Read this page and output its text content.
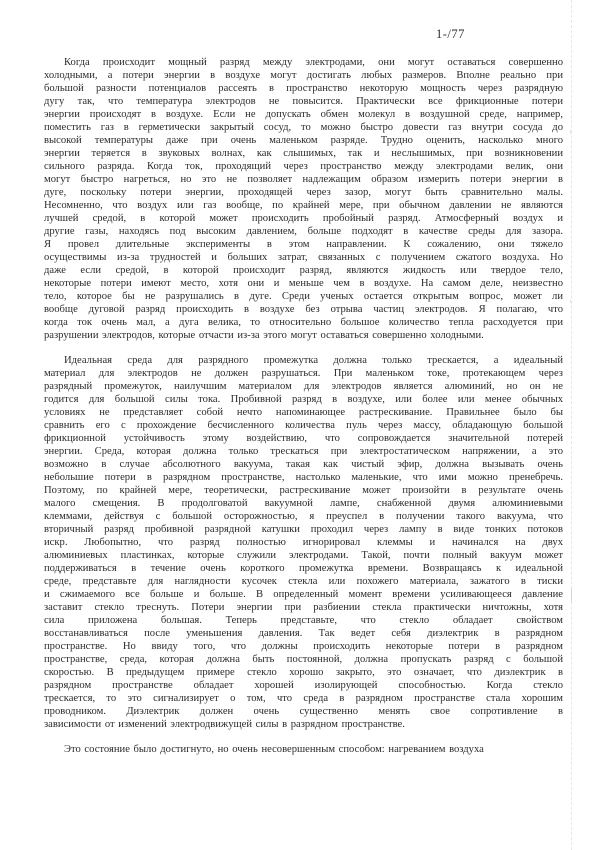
1-/77
Когда происходит мощный разряд между электродами, они могут оставаться совершенно
холодными, а потери энергии в воздухе могут достигать любых размеров. Вполне реально при
большой разности потенциалов рассеять в пространство некоторую мощность через разрядную
дугу так, что температура электродов не повысится. Практически все фрикционные потери
энергии происходят в воздухе. Если не допускать обмен молекул в воздушной среде, например,
поместить газ в герметически закрытый сосуд, то можно быстро довести газ внутри сосуда до
высокой температуры даже при очень маленьком разряде. Трудно оценить, насколько много
энергии теряется в звуковых волнах, как слышимых, так и неслышимых, при возникновении
сильного разряда. Когда ток, проходящий через пространство между электродами велик, они
могут быстро нагреться, но это не позволяет надлежащим образом измерить потери энергии в
дуге, поскольку потери энергии, проходящей через зазор, могут быть сравнительно малы.
Несомненно, что воздух или газ вообще, по крайней мере, при обычном давлении не являются
лучшей средой, в которой может происходить пробойный разряд. Атмосферный воздух и
другие газы, находясь под высоким давлением, больше подходят в качестве среды для зазора.
Я провел длительные эксперименты в этом направлении. К сожалению, они тяжело
осуществимы из-за трудностей и больших затрат, связанных с получением сжатого воздуха. Но
даже если средой, в которой происходит разряд, являются жидкость или твердое тело,
некоторые потери имеют место, хотя они и меньше чем в воздухе. На самом деле, неизвестно
тело, которое бы не разрушались в дуге. Среди ученых остается открытым вопрос, может ли
вообще дуговой разряд происходить в воздухе без отрыва частиц электродов. Я полагаю, что
когда ток очень мал, а дуга велика, то относительно большое количество тепла расходуется при
разрушении электродов, которые отчасти из-за этого могут оставаться совершенно холодными.
Идеальная среда для разрядного промежутка должна только трескается, а идеальный
материал для электродов не должен разрушаться. При маленьком токе, протекающем через
разрядный промежуток, наилучшим материалом для электродов является алюминий, но он не
годится для большой силы тока. Пробивной разряд в воздухе, или более или менее обычных
условиях не представляет собой нечто напоминающее растрескивание. Правильнее было бы
сравнить его с прохождение бесчисленного количества пуль через массу, обладающую большой
фрикционной устойчивость этому воздействию, что сопровождается значительной потерей
энергии. Среда, которая должна только трескаться при электростатическом напряжении, а это
возможно в случае абсолютного вакуума, такая как чистый эфир, должна вызывать очень
небольшие потери в разрядном пространстве, настолько маленькие, что ими можно пренебречь.
Поэтому, по крайней мере, теоретически, растрескивание может произойти в результате очень
малого смещения. В продолговатой вакуумной лампе, снабженной двумя алюминиевыми
клеммами, действуя с большой осторожностью, я преуспел в получении такого вакуума, что
вторичный разряд пробивной разрядной катушки проходил через лампу в виде тонких потоков
искр. Любопытно, что разряд полностью игнорировал клеммы и начинался на двух
алюминиевых пластинках, которые служили электродами. Такой, почти полный вакуум может
поддерживаться в течение очень короткого промежутка времени. Возвращаясь к идеальной
среде, представьте для наглядности кусочек стекла или похожего материала, зажатого в тиски
и сжимаемого все больше и больше. В определенный момент времени усиливающееся давление
заставит стекло треснуть. Потери энергии при разбиении стекла практически ничтожны, хотя
сила приложена большая. Теперь представьте, что стекло обладает свойством
восстанавливаться после уменьшения давления. Так ведет себя диэлектрик в разрядном
пространстве. Но ввиду того, что должны происходить некоторые потери в разрядном
пространстве, среда, которая должна быть постоянной, должна пропускать разряд с большой
скоростью. В предыдущем примере стекло хорошо закрыто, это означает, что диэлектрик в
разрядном пространстве обладает хорошей изолирующей способностью. Когда стекло
трескается, то это сигнализирует о том, что среда в разрядном пространстве стала хорошим
проводником. Диэлектрик должен очень существенно менять свое сопротивление в
зависимости от изменений электродвижущей силы в разрядном пространстве.
Это состояние было достигнуто, но очень несовершенным способом: нагреванием воздуха
